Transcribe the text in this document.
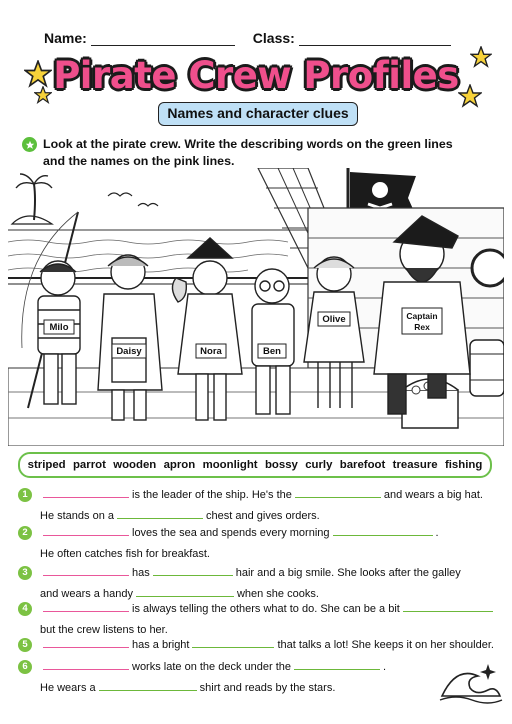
Name:	Class:
Pirate Crew Profiles
Names and character clues
Look at the pirate crew. Write the describing words on the green lines and the names on the pink lines.
Milo
Daisy	Nora	Ben
Olive	Captain
Rex
striped parrot wooden apron moonlight bossy curly barefoot treasure fishing
1	is the leader of the ship. He's the	and wears a big hat.
He stands on a	chest and gives orders.
2	loves the sea and spends every morning	.
He often catches fish for breakfast.
3	has	hair and a big smile. She looks after the galley
and wears a handy	when she cooks.
4	is always telling the others what to do. She can be a bit
but the crew listens to her.
5	has a bright	that talks a lot! She keeps it on her shoulder.
6	works late on the deck under the	.
He wears a	shirt and reads by the stars.
